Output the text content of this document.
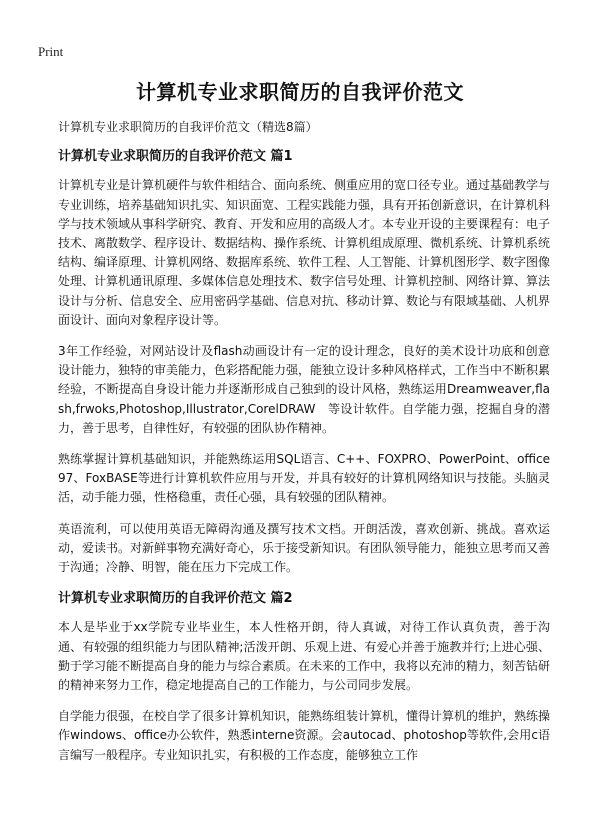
Print
计算机专业求职简历的自我评价范文

计算机专业求职简历的自我评价范文（精选8篇）

计算机专业求职简历的自我评价范文 篇1

计算机专业是计算机硬件与软件相结合、面向系统、侧重应用的宽口径专业。通过基础教学与专业训练，培养基础知识扎实、知识面宽、工程实践能力强，具有开拓创新意识，在计算机科学与技术领域从事科学研究、教育、开发和应用的高级人才。本专业开设的主要课程有：电子技术、离散数学、程序设计、数据结构、操作系统、计算机组成原理、微机系统、计算机系统结构、编译原理、计算机网络、数据库系统、软件工程、人工智能、计算机图形学、数字图像处理、计算机通讯原理、多媒体信息处理技术、数字信号处理、计算机控制、网络计算、算法设计与分析、信息安全、应用密码学基础、信息对抗、移动计算、数论与有限域基础、人机界面设计、面向对象程序设计等。

3年工作经验，对网站设计及flash动画设计有一定的设计理念，良好的美术设计功底和创意设计能力，独特的审美能力，色彩搭配能力强，能独立设计多种风格样式，工作当中不断积累经验，不断提高自身设计能力并逐渐形成自己独到的设计风格，熟练运用Dreamweaver,flash,frwoks,Photoshop,Illustrator,CorelDRAW　等设计软件。自学能力强，挖掘自身的潜力，善于思考，自律性好，有较强的团队协作精神。

熟练掌握计算机基础知识，并能熟练运用SQL语言、C++、FOXPRO、PowerPoint、office97、FoxBASE等进行计算机软件应用与开发，并具有较好的计算机网络知识与技能。头脑灵活，动手能力强，性格稳重，责任心强，具有较强的团队精神。

英语流利，可以使用英语无障碍沟通及撰写技术文档。开朗活泼，喜欢创新、挑战。喜欢运动，爱读书。对新鲜事物充满好奇心，乐于接受新知识。有团队领导能力，能独立思考而又善于沟通；冷静、明智，能在压力下完成工作。

计算机专业求职简历的自我评价范文 篇2

本人是毕业于xx学院专业毕业生，本人性格开朗，待人真诚，对待工作认真负责，善于沟通、有较强的组织能力与团队精神;活泼开朗、乐观上进、有爱心并善于施教并行;上进心强、勤于学习能不断提高自身的能力与综合素质。在未来的工作中，我将以充沛的精力，刻苦钻研的精神来努力工作，稳定地提高自己的工作能力，与公司同步发展。

自学能力很强，在校自学了很多计算机知识，能熟练组装计算机，懂得计算机的维护，熟练操作windows、office办公软件，熟悉interne资源。会autocad、photoshop等软件,会用c语言编写一般程序。专业知识扎实，有积极的工作态度，能够独立工作
